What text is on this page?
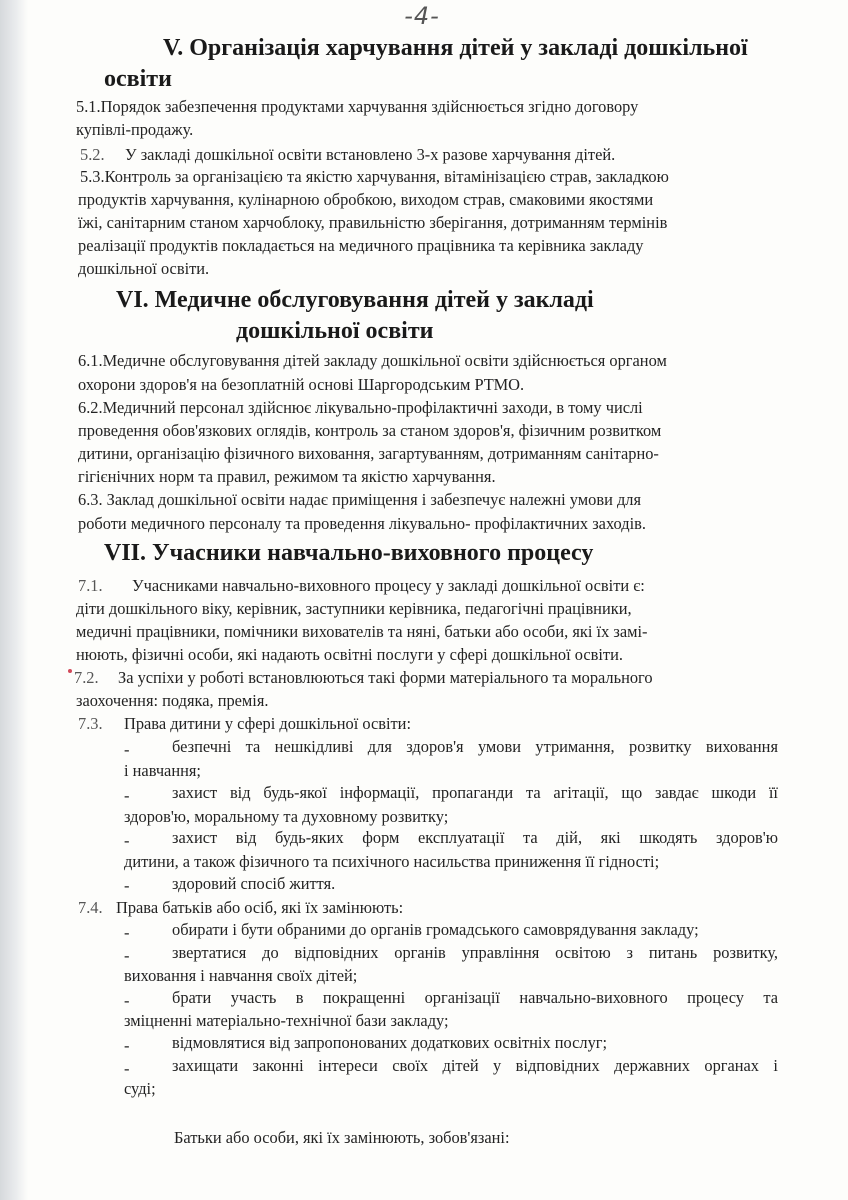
-4-
V. Організація харчування дітей у закладі дошкільної
освіти
5.1.Порядок забезпечення продуктами харчування здійснюється згідно договору
купівлі-продажу.
5.2. У закладі дошкільної освіти встановлено 3-х разове харчування дітей.
5.3.Контроль за організацією та якістю харчування, вітамінізацією страв, закладкою
продуктів харчування, кулінарною обробкою, виходом страв, смаковими якостями
їжі, санітарним станом харчоблоку, правильністю зберігання, дотриманням термінів
реалізації продуктів покладається на медичного працівника та керівника закладу
дошкільної освіти.
VI. Медичне обслуговування дітей у закладі
дошкільної освіти
6.1.Медичне обслуговування дітей закладу дошкільної освіти здійснюється органом
охорони здоров'я на безоплатній основі Шаргородським РТМО.
6.2.Медичний персонал здійснює лікувально-профілактичні заходи, в тому числі
проведення обов'язкових оглядів, контроль за станом здоров'я, фізичним розвитком
дитини, організацію фізичного виховання, загартуванням, дотриманням санітарно-
гігієнічних норм та правил, режимом та якістю харчування.
6.3. Заклад дошкільної освіти надає приміщення і забезпечує належні умови для
роботи медичного персоналу та проведення лікувально- профілактичних заходів.
VII. Учасники навчально-виховного процесу
7.1. Учасниками навчально-виховного процесу у закладі дошкільної освіти є:
діти дошкільного віку, керівник, заступники керівника, педагогічні працівники,
медичні працівники, помічники вихователів та няні, батьки або особи, які їх замі-
нюють, фізичні особи, які надають освітні послуги у сфері дошкільної освіти.
7.2. За успіхи у роботі встановлюються такі форми матеріального та морального
заохочення: подяка, премія.
7.3. Права дитини у сфері дошкільної освіти:
-	безпечні та нешкідливі для здоров'я умови утримання, розвитку виховання
і навчання;
-	захист від будь-якої інформації, пропаганди та агітації, що завдає шкоди її
здоров'ю, моральному та духовному розвитку;
-	захист від будь-яких форм експлуатації та дій, які шкодять здоров'ю
дитини, а також фізичного та психічного насильства приниження її гідності;
-	здоровий спосіб життя.
7.4. Права батьків або осіб, які їх замінюють:
-	обирати і бути обраними до органів громадського самоврядування закладу;
-	звертатися до відповідних органів управління освітою з питань розвитку,
виховання і навчання своїх дітей;
-	брати участь в покращенні організації навчально-виховного процесу та
зміцненні матеріально-технічної бази закладу;
-	відмовлятися від запропонованих додаткових освітніх послуг;
-	захищати законні інтереси своїх дітей у відповідних державних органах і
суді;
Батьки або особи, які їх замінюють, зобов'язані:
